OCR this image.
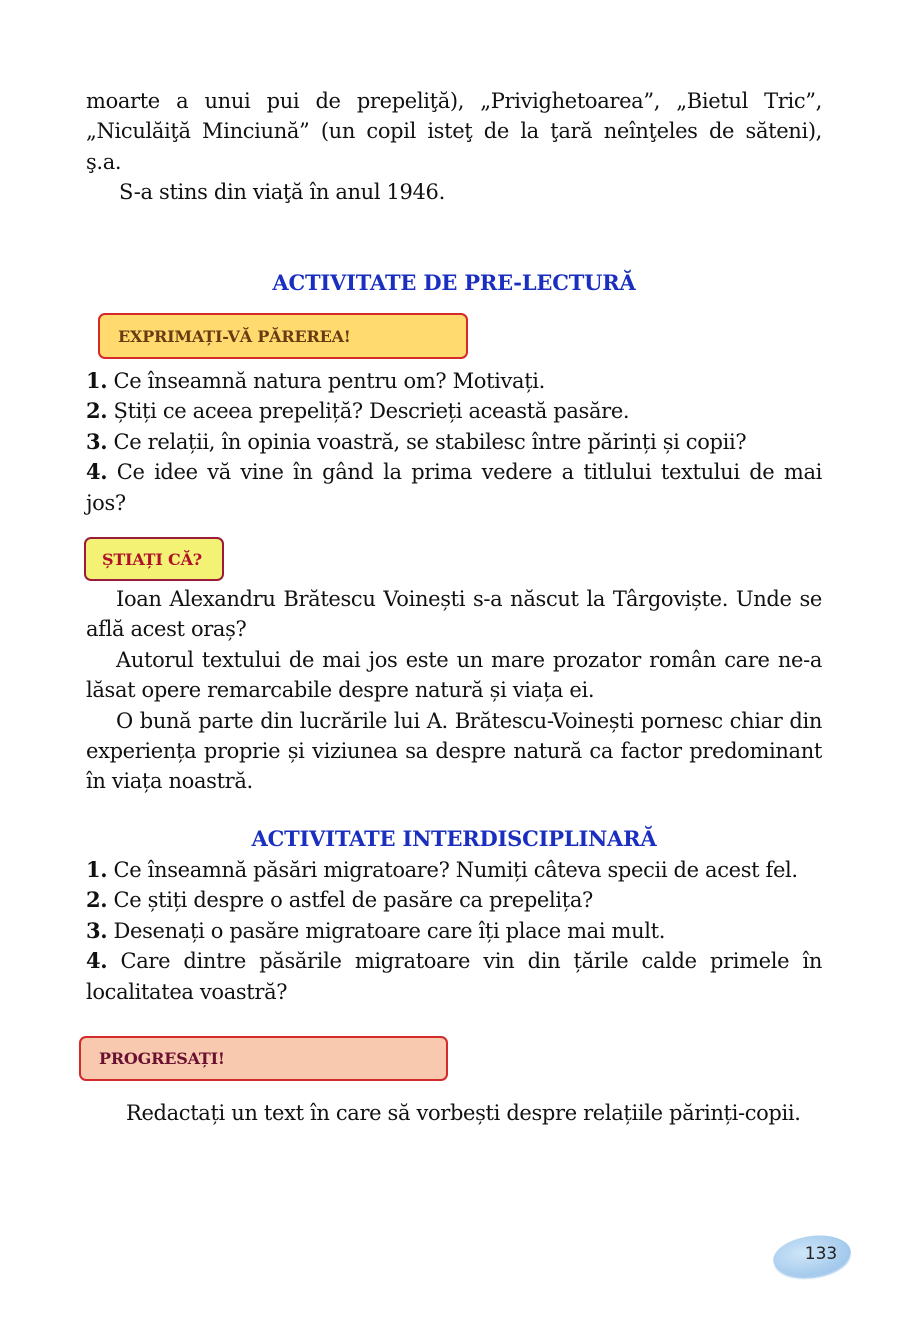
moarte a unui pui de prepeliţă), „Privighetoarea”, „Bietul Tric”,

„Niculăiţă Minciună” (un copil isteţ de la ţară neînţeles de săteni),

ş.a.

S-a stins din viaţă în anul 1946.

ACTIVITATE DE PRE-LECTURĂ
EXPRIMAȚI-VĂ PĂREREA!

1. Ce înseamnă natura pentru om? Motivați.

2. Știți ce aceea prepeliță? Descrieți această pasăre.

3. Ce relații, în opinia voastră, se stabilesc între părinți și copii?

4. Ce idee vă vine în gând la prima vedere a titlului textului de mai jos?

ȘTIAȚI CĂ?

Ioan Alexandru Brătescu Voinești s-a născut la Târgoviște. Unde se află acest oraș?

Autorul textului de mai jos este un mare prozator român care ne-a lăsat opere remarcabile despre natură și viața ei.

O bună parte din lucrările lui A. Brătescu-Voinești pornesc chiar din experiența proprie și viziunea sa despre natură ca factor predominant în viața noastră.

ACTIVITATE INTERDISCIPLINARĂ

1. Ce înseamnă păsări migratoare? Numiți câteva specii de acest fel.

2. Ce știți despre o astfel de pasăre ca prepelița?

3. Desenați o pasăre migratoare care îți place mai mult.

4. Care dintre păsările migratoare vin din țările calde primele în localitatea voastră?

PROGRESAȚI!

Redactați un text în care să vorbești despre relațiile părinți-copii.

133
